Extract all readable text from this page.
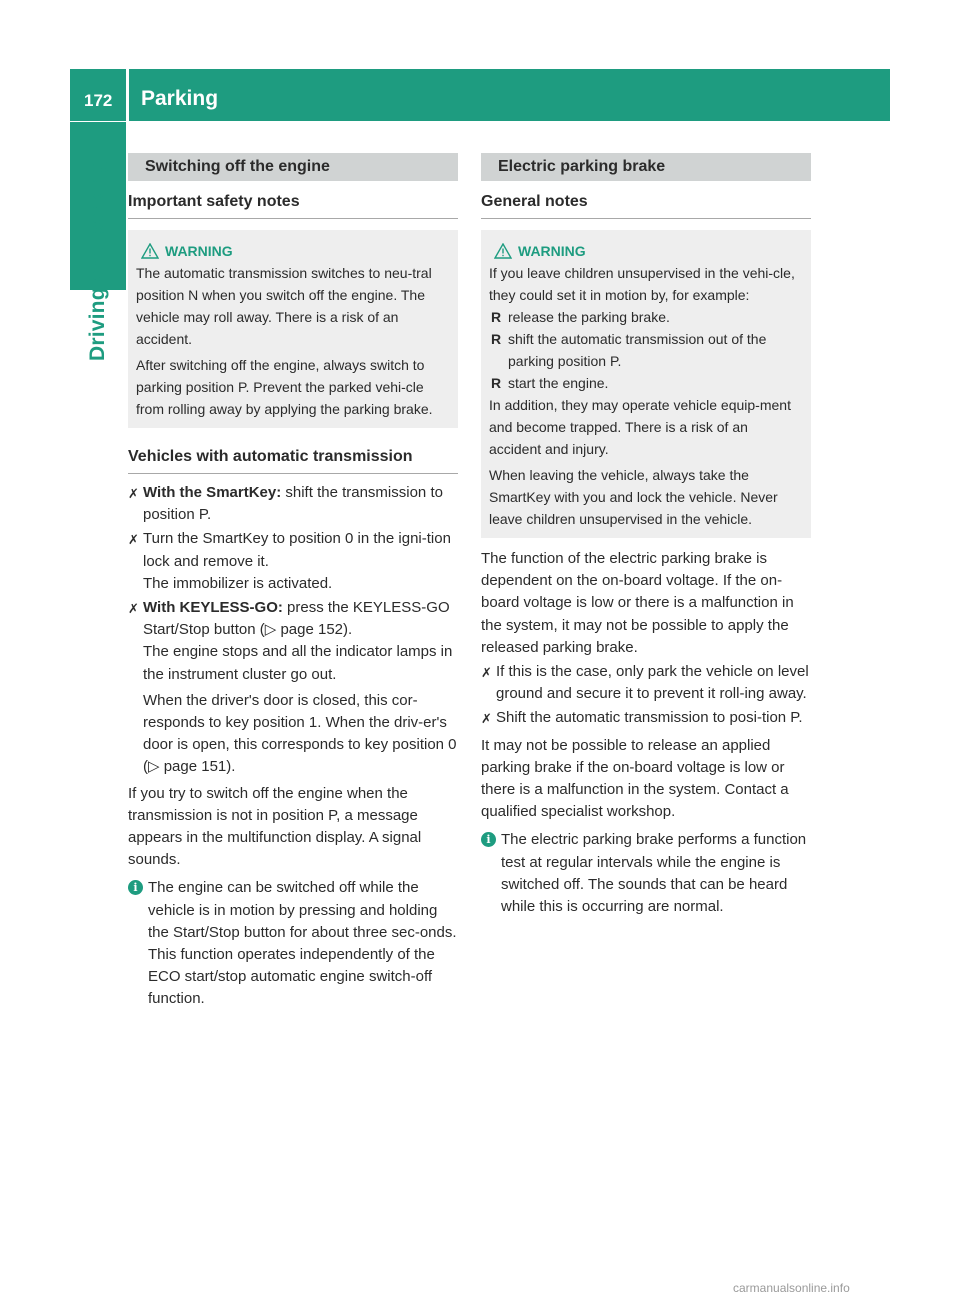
172 Parking
Driving and parking	Switching off the engine
Important safety notes
WARNING

The automatic transmission switches to neu-tral position N when you switch off the engine. The vehicle may roll away. There is a risk of an accident.

After switching off the engine, always switch to parking position P. Prevent the parked vehi-cle from rolling away by applying the parking brake.

Vehicles with automatic transmission
✗ With the SmartKey: shift the transmission to position P.

✗ Turn the SmartKey to position 0 in the igni-tion lock and remove it.

The immobilizer is activated.

✗ With KEYLESS-GO: press the KEYLESS-GO Start/Stop button (▷ page 152).

The engine stops and all the indicator lamps in the instrument cluster go out.

When the driver's door is closed, this cor-responds to key position 1. When the driv-er's door is open, this corresponds to key position 0 (▷ page 151).

If you try to switch off the engine when the transmission is not in position P, a message appears in the multifunction display. A signal sounds.

i The engine can be switched off while the vehicle is in motion by pressing and holding the Start/Stop button for about three sec-onds. This function operates independently of the ECO start/stop automatic engine switch-off function.

Electric parking brake
General notes
WARNING

If you leave children unsupervised in the vehi-cle, they could set it in motion by, for example:

R release the parking brake.
R shift the automatic transmission out of the parking position P.
R start the engine.

In addition, they may operate vehicle equip-ment and become trapped. There is a risk of an accident and injury.

When leaving the vehicle, always take the SmartKey with you and lock the vehicle. Never leave children unsupervised in the vehicle.

The function of the electric parking brake is dependent on the on-board voltage. If the on-board voltage is low or there is a malfunction in the system, it may not be possible to apply the released parking brake.

✗ If this is the case, only park the vehicle on level ground and secure it to prevent it roll-ing away.

✗ Shift the automatic transmission to posi-tion P.

It may not be possible to release an applied parking brake if the on-board voltage is low or there is a malfunction in the system. Contact a qualified specialist workshop.

i The electric parking brake performs a function test at regular intervals while the engine is switched off. The sounds that can be heard while this is occurring are normal.

carmanualsonline.info
